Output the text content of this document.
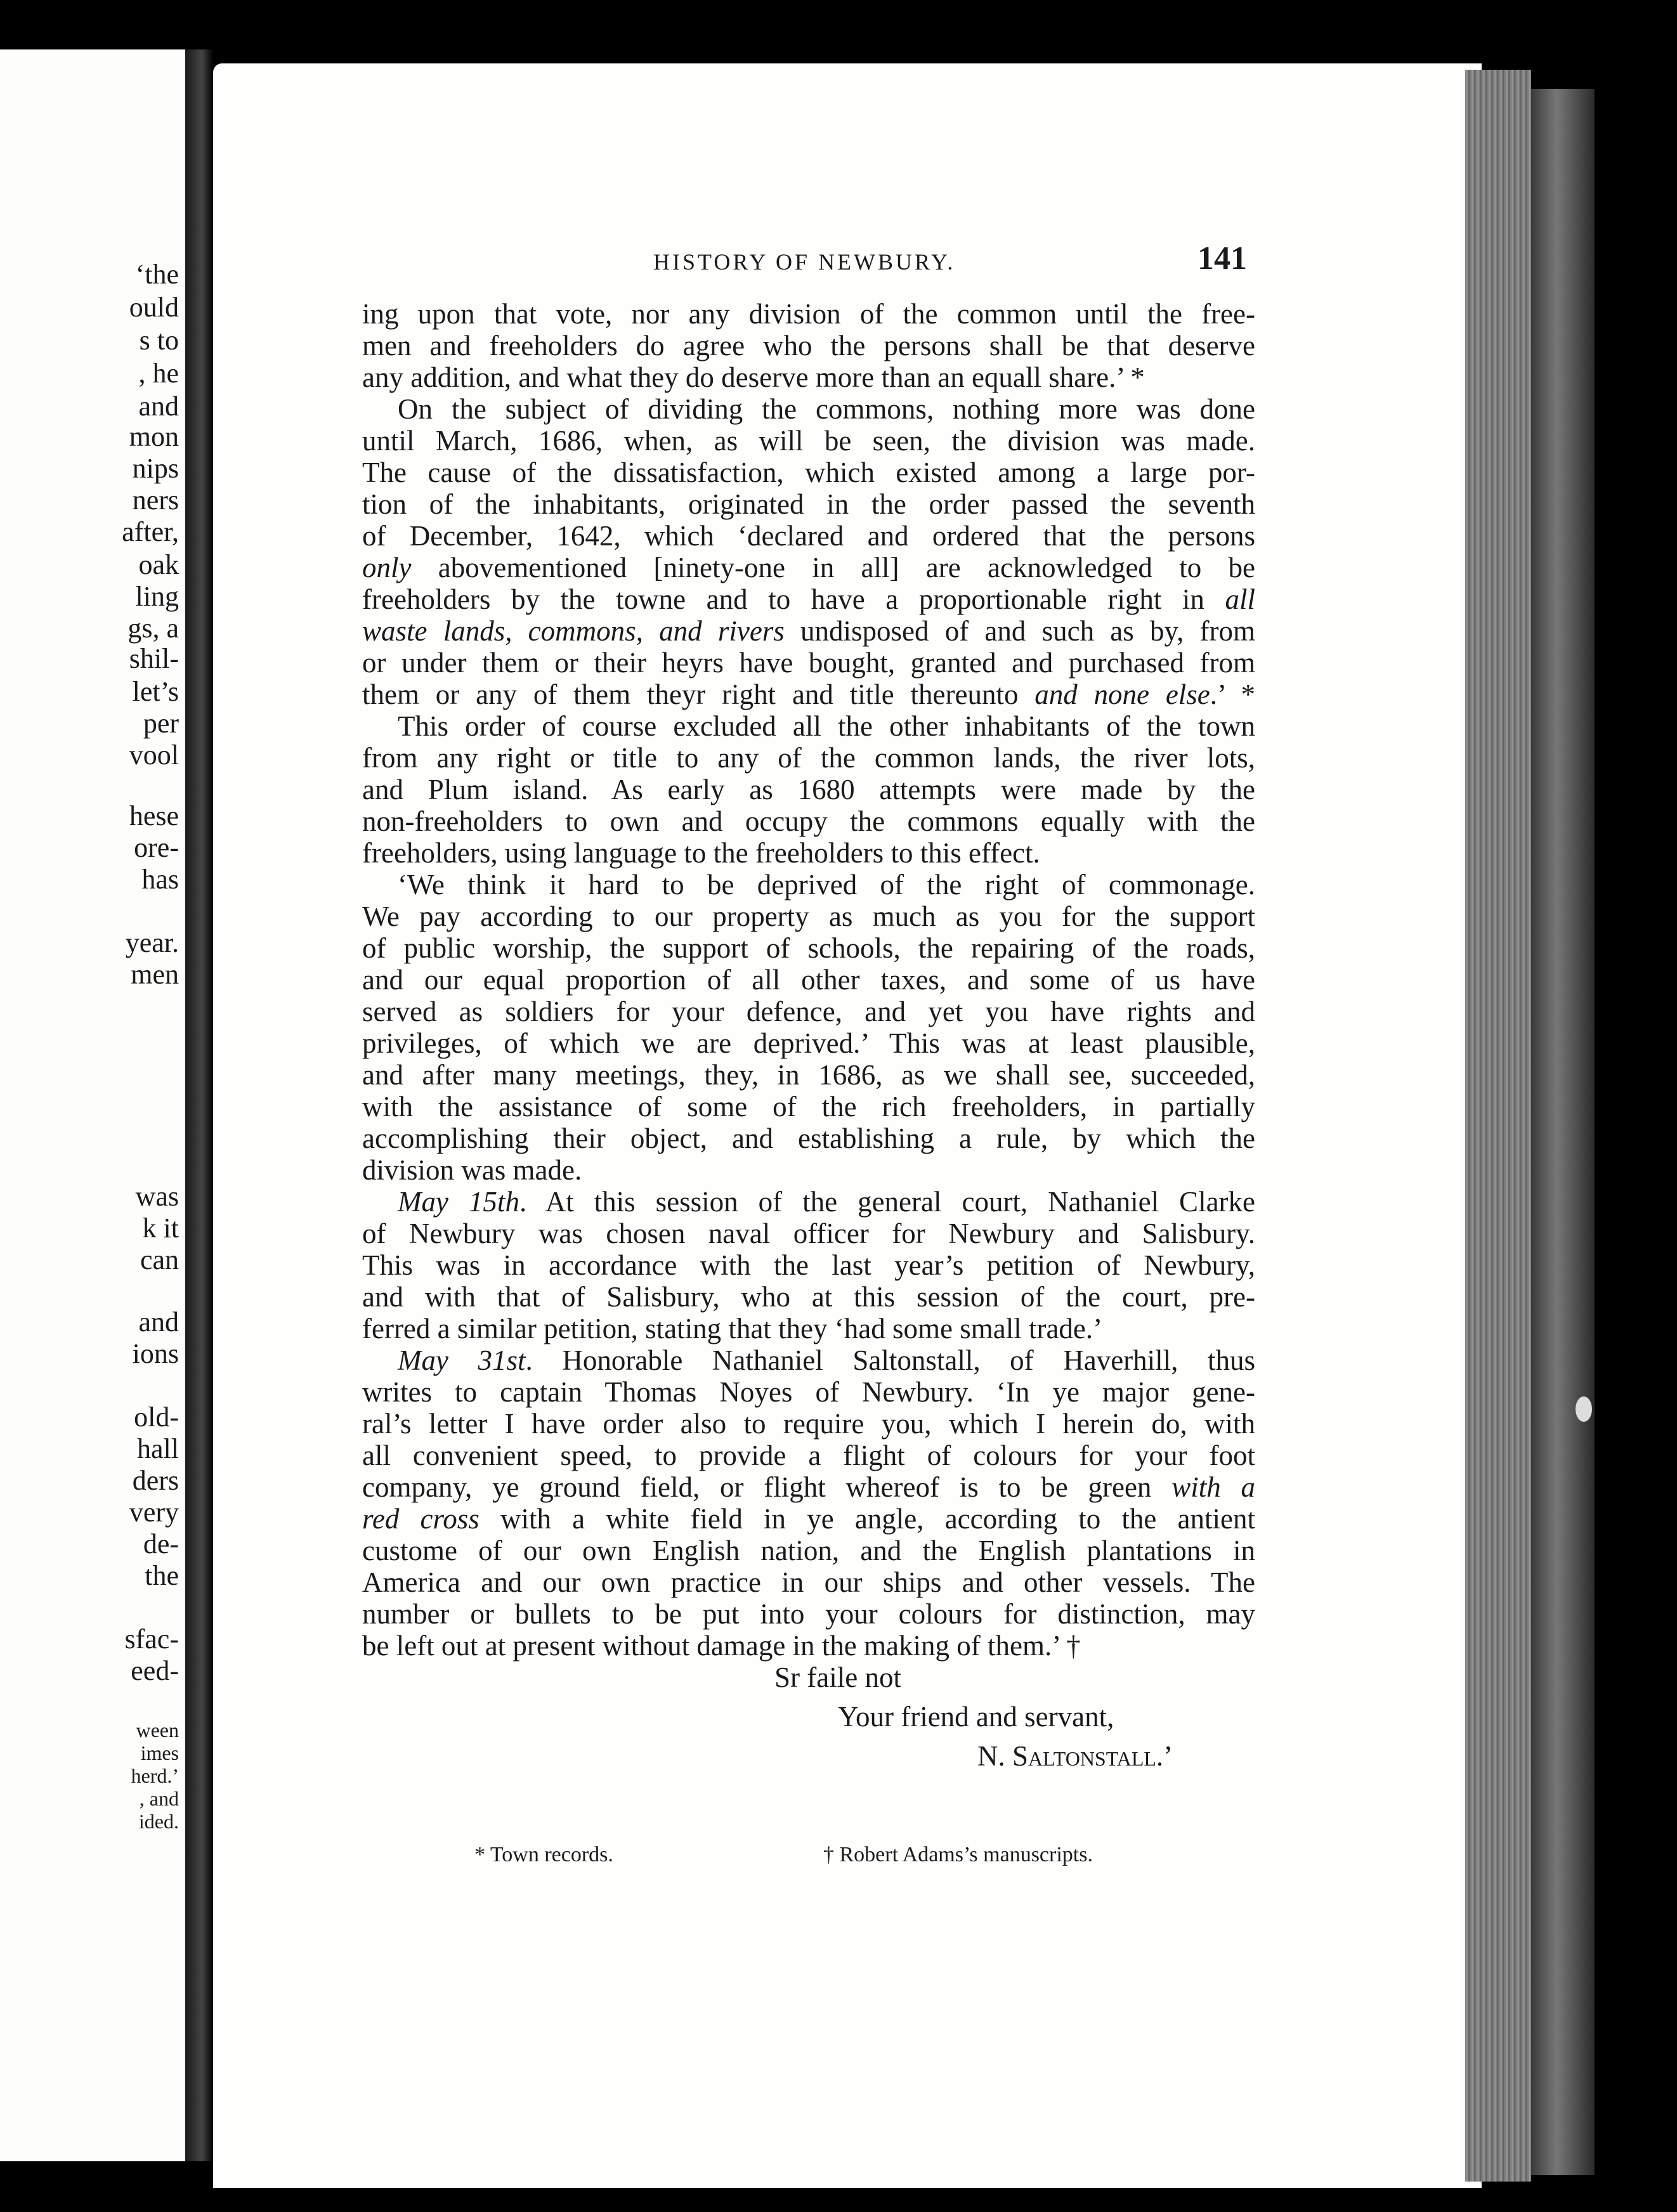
‘the
ould
s to
, he
and
mon
nips
ners
after,
oak
ling
gs, a
shil-
let’s
per
vool
hese
ore-
has
year.
men
was
k it
can
and
ions
old-
hall
ders
very
de-
the
sfac-
eed-
ween
imes
herd.’
, and
ided.
HISTORY OF NEWBURY.	141
ing upon that vote, nor any division of the common until the free-
men and freeholders do agree who the persons shall be that deserve
any addition, and what they do deserve more than an equall share.’ *
On the subject of dividing the commons, nothing more was done
until March, 1686, when, as will be seen, the division was made.
The cause of the dissatisfaction, which existed among a large por-
tion of the inhabitants, originated in the order passed the seventh
of December, 1642, which ‘declared and ordered that the persons
only abovementioned [ninety-one in all] are acknowledged to be
freeholders by the towne and to have a proportionable right in all
waste lands, commons, and rivers undisposed of and such as by, from
or under them or their heyrs have bought, granted and purchased from
them or any of them theyr right and title thereunto and none else.’ *
This order of course excluded all the other inhabitants of the town
from any right or title to any of the common lands, the river lots,
and Plum island. As early as 1680 attempts were made by the
non-freeholders to own and occupy the commons equally with the
freeholders, using language to the freeholders to this effect.
‘We think it hard to be deprived of the right of commonage.
We pay according to our property as much as you for the support
of public worship, the support of schools, the repairing of the roads,
and our equal proportion of all other taxes, and some of us have
served as soldiers for your defence, and yet you have rights and
privileges, of which we are deprived.’ This was at least plausible,
and after many meetings, they, in 1686, as we shall see, succeeded,
with the assistance of some of the rich freeholders, in partially
accomplishing their object, and establishing a rule, by which the
division was made.
May 15th. At this session of the general court, Nathaniel Clarke
of Newbury was chosen naval officer for Newbury and Salisbury.
This was in accordance with the last year’s petition of Newbury,
and with that of Salisbury, who at this session of the court, pre-
ferred a similar petition, stating that they ‘had some small trade.’
May 31st. Honorable Nathaniel Saltonstall, of Haverhill, thus
writes to captain Thomas Noyes of Newbury. ‘In ye major gene-
ral’s letter I have order also to require you, which I herein do, with
all convenient speed, to provide a flight of colours for your foot
company, ye ground field, or flight whereof is to be green with a
red cross with a white field in ye angle, according to the antient
custome of our own English nation, and the English plantations in
America and our own practice in our ships and other vessels. The
number or bullets to be put into your colours for distinction, may
be left out at present without damage in the making of them.’ †
Sr faile not
Your friend and servant,
N. Saltonstall.’
* Town records.	† Robert Adams’s manuscripts.
